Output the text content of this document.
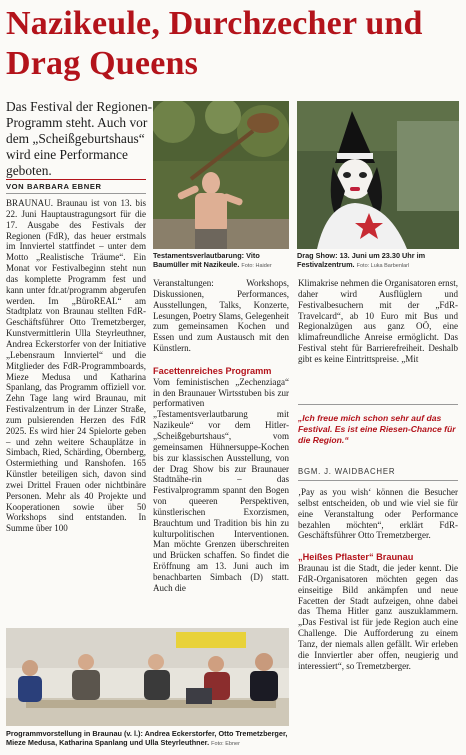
Nazikeule, Durchzecher und Drag Queens
Das Festival der Regionen-Programm steht. Auch vor dem „Scheißgeburtshaus“ wird eine Performance geboten.
VON BARBARA EBNER

BRAUNAU. Braunau ist von 13. bis 22. Juni Hauptaustragungsort für die 17. Ausgabe des Festivals der Regionen (FdR), das heuer erstmals im Innviertel stattfindet – unter dem Motto „Realistische Träume“. Ein Monat vor Festivalbeginn steht nun das komplette Programm fest und kann unter fdr.at/programm abgerufen werden. Im „BüroREAL“ am Stadtplatz von Braunau stellten FdR-Geschäftsführer Otto Tremetzberger, Kunstvermittlerin Ulla Steyrleuthner, Andrea Eckerstorfer von der Initiative „Lebensraum Innviertel“ und die Mitglieder des FdR-Programmboards, Mieze Medusa und Katharina Spanlang, das Programm offiziell vor. Zehn Tage lang wird Braunau, mit Festivalzentrum in der Linzer Straße, zum pulsierenden Herzen des FdR 2025. Es wird hier 24 Spielorte geben – und zehn weitere Schauplätze in Simbach, Ried, Schärding, Obernberg, Ostermiething und Ranshofen. 165 Künstler beteiligen sich, davon sind zwei Drittel Frauen oder nichtbinäre Personen. Mehr als 40 Projekte und Kooperationen sowie über 50 Workshops sind entstanden. In Summe über 100

Testamentsverlautbarung: Vito Baumüller mit Nazikeule. Foto: Haider
Drag Show: 13. Juni um 23.30 Uhr im Festivalzentrum. Foto: Luka Barbenlarl

Veranstaltungen: Workshops, Diskussionen, Performances, Ausstellungen, Talks, Konzerte, Lesungen, Poetry Slams, Gelegenheit zum gemeinsamen Kochen und Essen und zum Austausch mit den Künstlern.

Facettenreiches Programm

Vom feministischen „Zechenziaga“ in den Braunauer Wirtsstuben bis zur performativen „Testamentsverlautbarung mit Nazikeule“ vor dem Hitler-„Scheißgeburtshaus“, vom gemeinsamen Hühnersuppe-Kochen bis zur klassischen Ausstellung, von der Drag Show bis zur Braunauer Stadtnähe-rin – das Festivalprogramm spannt den Bogen von queeren Perspektiven, künstlerischen Exorzismen, Brauchtum und Tradition bis hin zu kulturpolitischen Interventionen. Man möchte Grenzen überschreiten und Brücken schaffen. So findet die Eröffnung am 13. Juni auch im benachbarten Simbach (D) statt. Auch die

Klimakrise nehmen die Organisatoren ernst, daher wird Ausflüglern und Festivalbesuchern mit der „FdR-Travelcard“, ab 10 Euro mit Bus und Regionalzügen aus ganz OÖ, eine klimafreundliche Anreise ermöglicht. Das Festival steht für Barrierefreiheit. Deshalb gibt es keine Eintrittspreise. „Mit

„Ich freue mich schon sehr auf das Festival. Es ist eine Riesen-Chance für die Region.“
BGM. J. WAIDBACHER

‚Pay as you wish‘ können die Besucher selbst entscheiden, ob und wie viel sie für eine Veranstaltung oder Performance bezahlen möchten“, erklärt FdR-Geschäftsführer Otto Tremetzberger.

„Heißes Pflaster“ Braunau

Braunau ist die Stadt, die jeder kennt. Die FdR-Organisatoren möchten gegen das einseitige Bild ankämpfen und neue Facetten der Stadt aufzeigen, ohne dabei das Thema Hitler ganz auszuklammern. „Das Festival ist für jede Region auch eine Challenge. Die Aufforderung zu einem Tanz, der niemals allen gefällt. Wir erleben die Innviertler aber offen, neugierig und interessiert“, so Tremetzberger.

Programmvorstellung in Braunau (v. l.): Andrea Eckerstorfer, Otto Tremetzberger, Mieze Medusa, Katharina Spanlang und Ulla Steyrleuthner. Foto: Ebner
